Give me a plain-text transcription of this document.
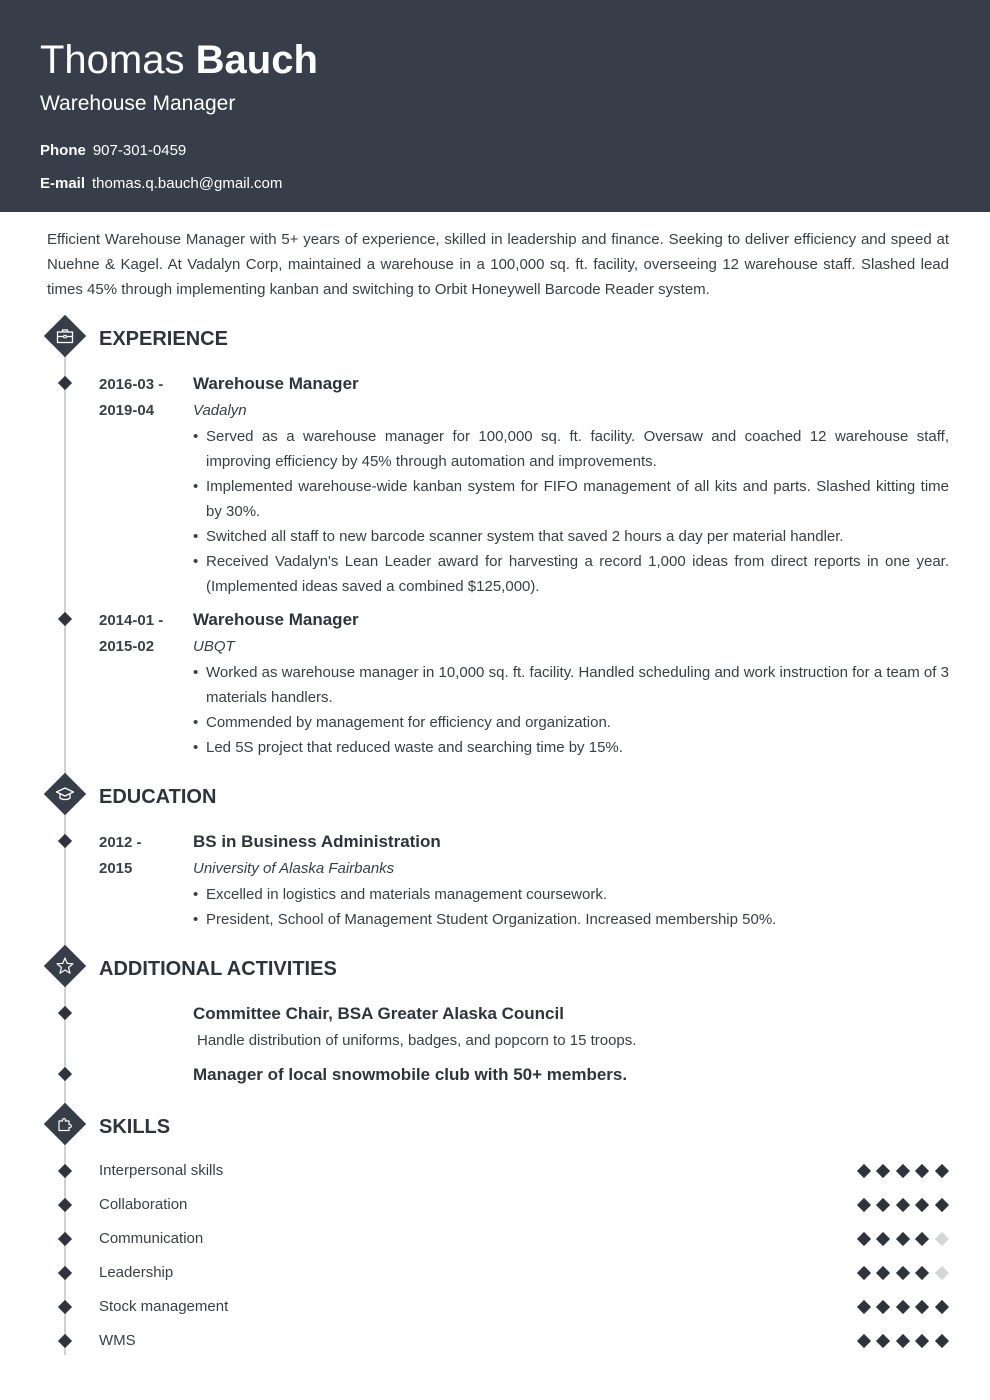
Thomas Bauch
Warehouse Manager
Phone 907-301-0459
E-mail thomas.q.bauch@gmail.com
Efficient Warehouse Manager with 5+ years of experience, skilled in leadership and finance. Seeking to deliver efficiency and speed at Nuehne & Kagel. At Vadalyn Corp, maintained a warehouse in a 100,000 sq. ft. facility, overseeing 12 warehouse staff. Slashed lead times 45% through implementing kanban and switching to Orbit Honeywell Barcode Reader system.
EXPERIENCE
2016-03 -
2019-04
Warehouse Manager
Vadalyn
• Served as a warehouse manager for 100,000 sq. ft. facility. Oversaw and coached 12 warehouse staff, improving efficiency by 45% through automation and improvements.
• Implemented warehouse-wide kanban system for FIFO management of all kits and parts. Slashed kitting time by 30%.
• Switched all staff to new barcode scanner system that saved 2 hours a day per material handler.
• Received Vadalyn's Lean Leader award for harvesting a record 1,000 ideas from direct reports in one year. (Implemented ideas saved a combined $125,000).
2014-01 -
2015-02
Warehouse Manager
UBQT
• Worked as warehouse manager in 10,000 sq. ft. facility. Handled scheduling and work instruction for a team of 3 materials handlers.
• Commended by management for efficiency and organization.
• Led 5S project that reduced waste and searching time by 15%.
EDUCATION
2012 -
2015
BS in Business Administration
University of Alaska Fairbanks
• Excelled in logistics and materials management coursework.
• President, School of Management Student Organization. Increased membership 50%.
ADDITIONAL ACTIVITIES
Committee Chair, BSA Greater Alaska Council
Handle distribution of uniforms, badges, and popcorn to 15 troops.
Manager of local snowmobile club with 50+ members.
SKILLS
Interpersonal skills
Collaboration
Communication
Leadership
Stock management
WMS
